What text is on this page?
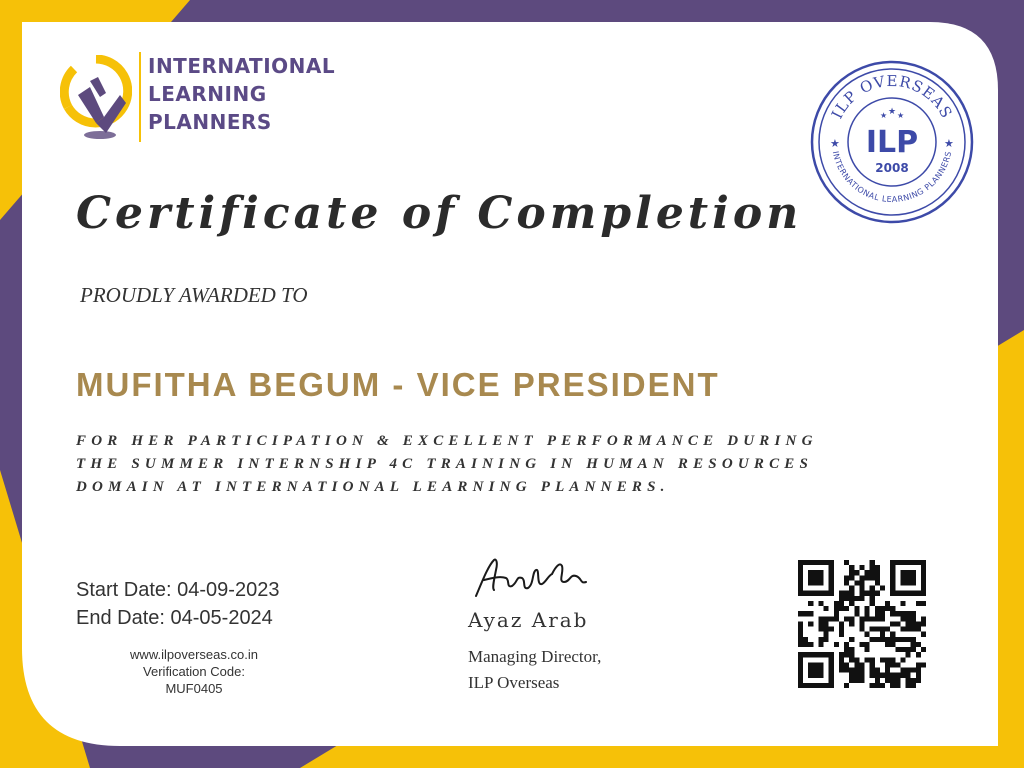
INTERNATIONAL
LEARNING
PLANNERS	ILP OVERSEAS
INTERNATIONAL LEARNING PLANNERS
ILP
2008
★ ★ ★
★	★
Certificate of Completion
PROUDLY AWARDED TO
MUFITHA BEGUM - VICE PRESIDENT
FOR HER PARTICIPATION & EXCELLENT PERFORMANCE DURING
THE SUMMER INTERNSHIP 4C TRAINING IN HUMAN RESOURCES
DOMAIN AT INTERNATIONAL LEARNING PLANNERS.
Start Date: 04-09-2023
End Date: 04-05-2024
www.ilpoverseas.co.in
Verification Code:
MUF0405
Ayaz Arab
Managing Director,
ILP Overseas
